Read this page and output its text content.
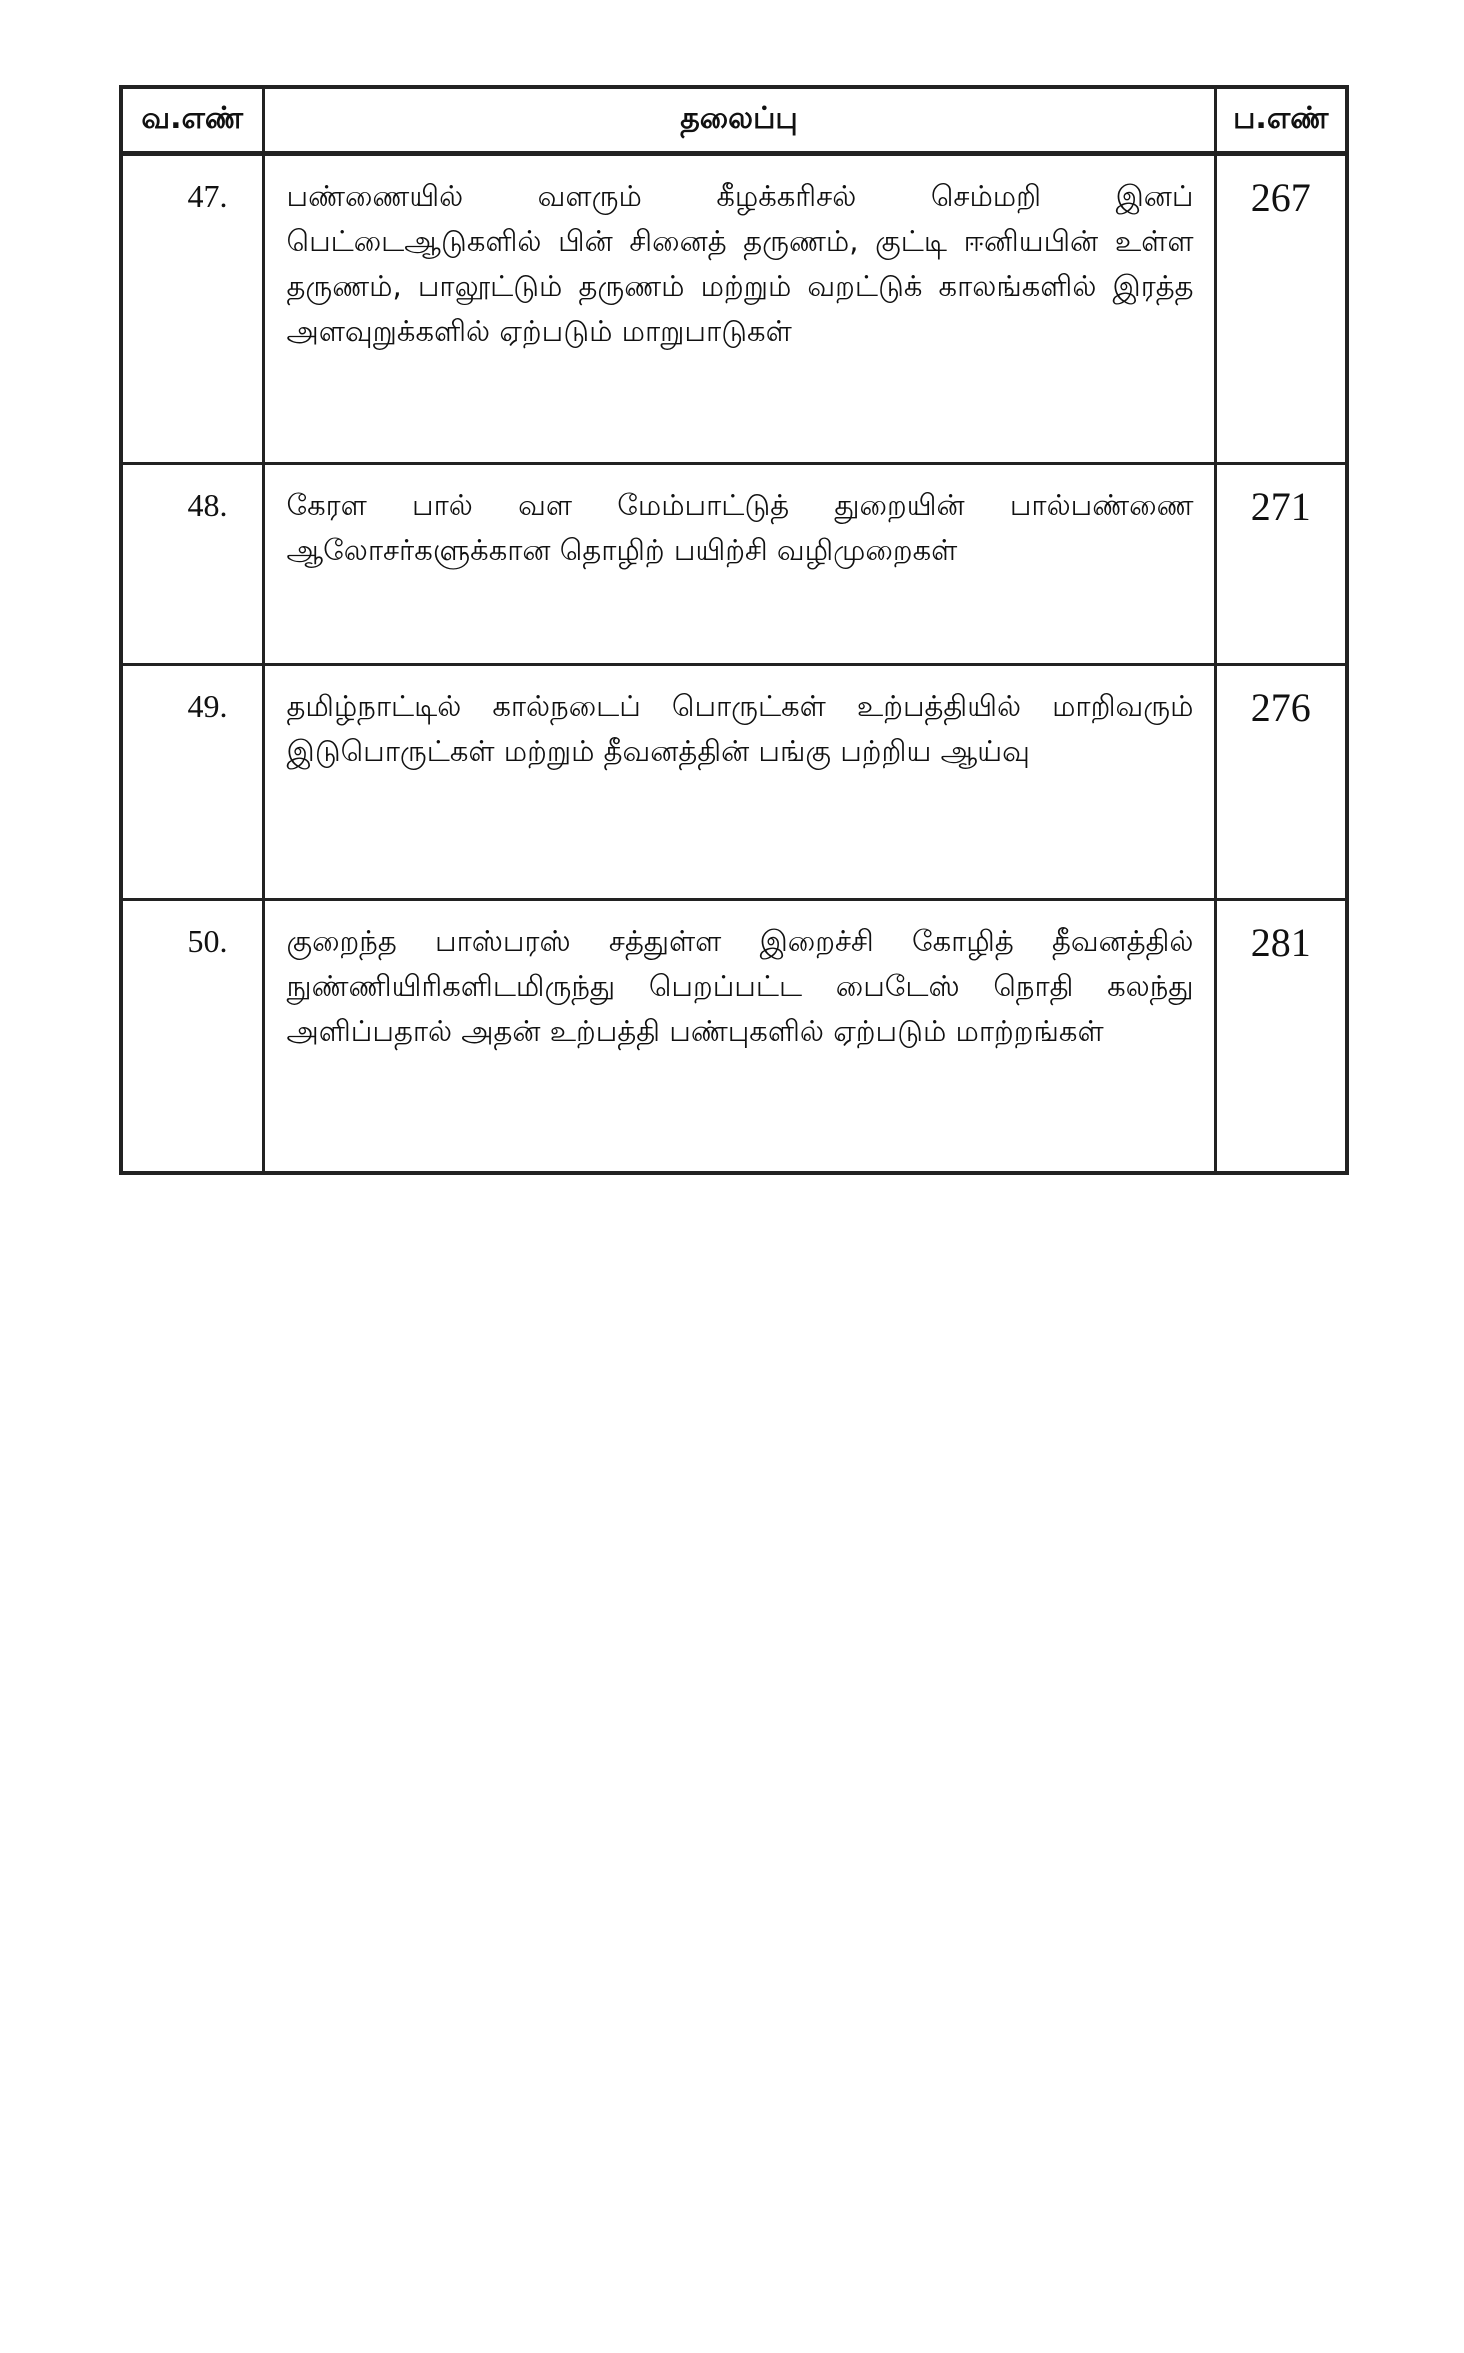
வ.எண்	தலைப்பு	ப.எண்
47.	பண்ணையில் வளரும் கீழக்கரிசல் செம்மறி இனப் பெட்டைஆடுகளில் பின் சினைத் தருணம், குட்டி ஈனியபின் உள்ள தருணம், பாலூட்டும் தருணம் மற்றும் வறட்டுக் காலங்களில் இரத்த அளவுறுக்களில் ஏற்படும் மாறுபாடுகள்	267
48.	கேரள பால் வள மேம்பாட்டுத் துறையின் பால்பண்ணை ஆலோசர்களுக்கான தொழிற் பயிற்சி வழிமுறைகள்	271
49.	தமிழ்நாட்டில் கால்நடைப் பொருட்கள் உற்பத்தியில் மாறிவரும் இடுபொருட்கள் மற்றும் தீவனத்தின் பங்கு பற்றிய ஆய்வு	276
50.	குறைந்த பாஸ்பரஸ் சத்துள்ள இறைச்சி கோழித் தீவனத்தில் நுண்ணியிரிகளிடமிருந்து பெறப்பட்ட பைடேஸ் நொதி கலந்து அளிப்பதால் அதன் உற்பத்தி பண்புகளில் ஏற்படும் மாற்றங்கள்	281
